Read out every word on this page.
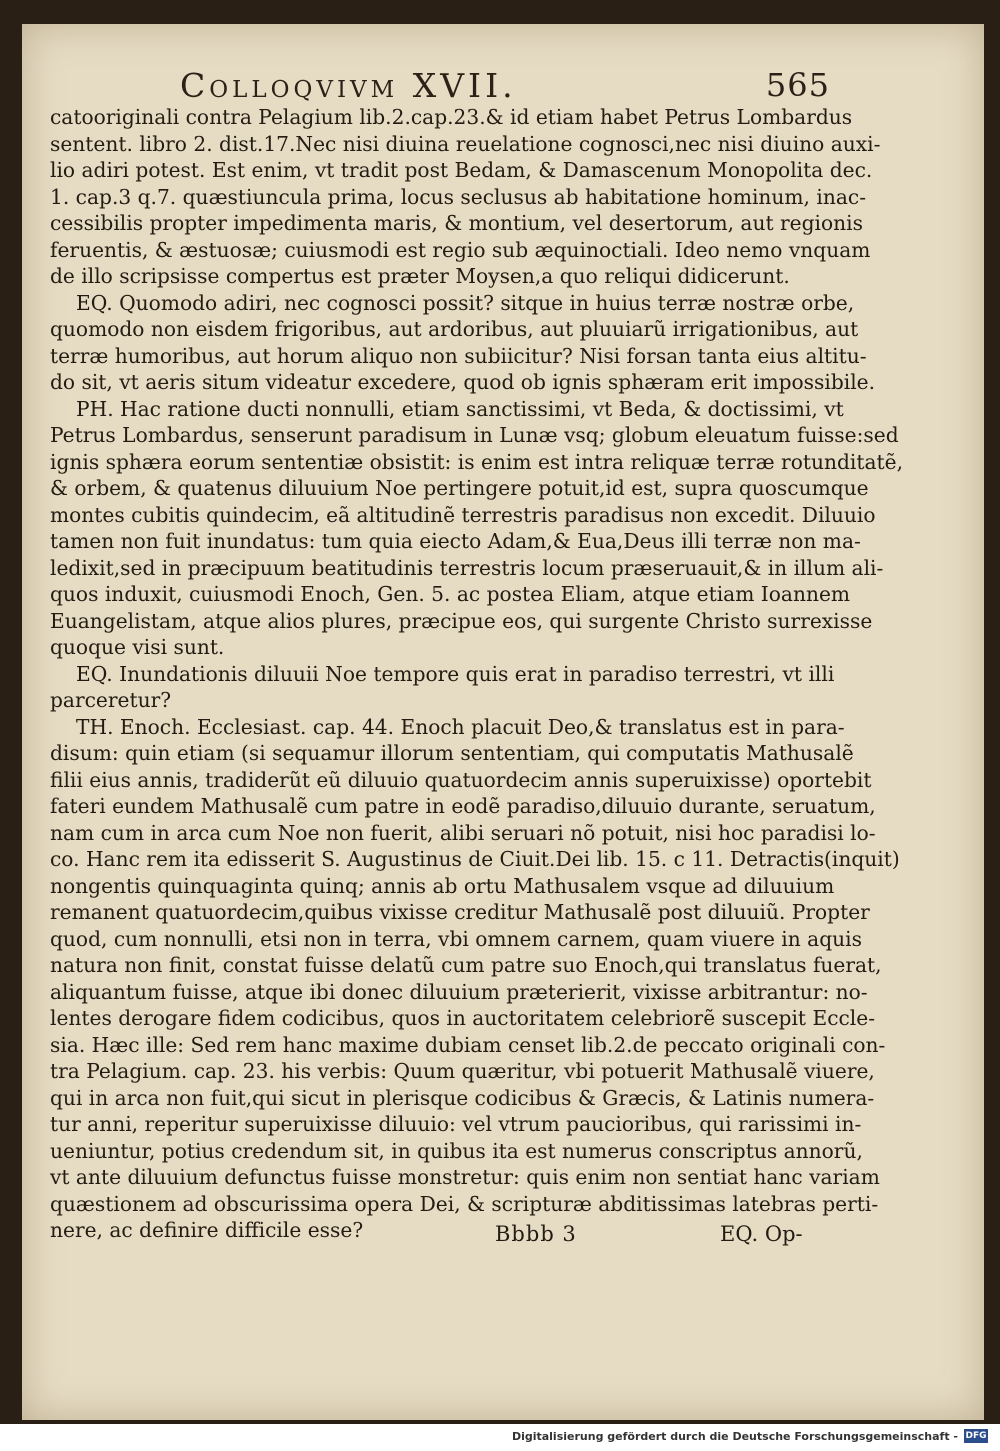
Colloqvivm XVII.	565
catooriginali contra Pelagium lib.2.cap.23.& id etiam habet Petrus Lombardus
sentent. libro 2. dist.17.Nec nisi diuina reuelatione cognosci,nec nisi diuino auxi-
lio adiri potest. Est enim, vt tradit post Bedam, & Damascenum Monopolita dec.
1. cap.3 q.7. quæstiuncula prima, locus seclusus ab habitatione hominum, inac-
cessibilis propter impedimenta maris, & montium, vel desertorum, aut regionis
feruentis, & æstuosæ; cuiusmodi est regio sub æquinoctiali. Ideo nemo vnquam
de illo scripsisse compertus est præter Moysen,a quo reliqui didicerunt.
EQ. Quomodo adiri, nec cognosci possit? sitque in huius terræ nostræ orbe,
quomodo non eisdem frigoribus, aut ardoribus, aut pluuiarũ irrigationibus, aut
terræ humoribus, aut horum aliquo non subiicitur? Nisi forsan tanta eius altitu-
do sit, vt aeris situm videatur excedere, quod ob ignis sphæram erit impossibile.
PH. Hac ratione ducti nonnulli, etiam sanctissimi, vt Beda, & doctissimi, vt
Petrus Lombardus, senserunt paradisum in Lunæ vsq; globum eleuatum fuisse:sed
ignis sphæra eorum sententiæ obsistit: is enim est intra reliquæ terræ rotunditatẽ,
& orbem, & quatenus diluuium Noe pertingere potuit,id est, supra quoscumque
montes cubitis quindecim, eã altitudinẽ terrestris paradisus non excedit. Diluuio
tamen non fuit inundatus: tum quia eiecto Adam,& Eua,Deus illi terræ non ma-
ledixit,sed in præcipuum beatitudinis terrestris locum præseruauit,& in illum ali-
quos induxit, cuiusmodi Enoch, Gen. 5. ac postea Eliam, atque etiam Ioannem
Euangelistam, atque alios plures, præcipue eos, qui surgente Christo surrexisse
quoque visi sunt.
EQ. Inundationis diluuii Noe tempore quis erat in paradiso terrestri, vt illi
parceretur?
TH. Enoch. Ecclesiast. cap. 44. Enoch placuit Deo,& translatus est in para-
disum: quin etiam (si sequamur illorum sententiam, qui computatis Mathusalẽ
filii eius annis, tradiderũt eũ diluuio quatuordecim annis superuixisse) oportebit
fateri eundem Mathusalẽ cum patre in eodẽ paradiso,diluuio durante, seruatum,
nam cum in arca cum Noe non fuerit, alibi seruari nõ potuit, nisi hoc paradisi lo-
co. Hanc rem ita edisserit S. Augustinus de Ciuit.Dei lib. 15. c 11. Detractis(inquit)
nongentis quinquaginta quinq; annis ab ortu Mathusalem vsque ad diluuium
remanent quatuordecim,quibus vixisse creditur Mathusalẽ post diluuiũ. Propter
quod, cum nonnulli, etsi non in terra, vbi omnem carnem, quam viuere in aquis
natura non finit, constat fuisse delatũ cum patre suo Enoch,qui translatus fuerat,
aliquantum fuisse, atque ibi donec diluuium præterierit, vixisse arbitrantur: no-
lentes derogare fidem codicibus, quos in auctoritatem celebriorẽ suscepit Eccle-
sia. Hæc ille: Sed rem hanc maxime dubiam censet lib.2.de peccato originali con-
tra Pelagium. cap. 23. his verbis: Quum quæritur, vbi potuerit Mathusalẽ viuere,
qui in arca non fuit,qui sicut in plerisque codicibus & Græcis, & Latinis numera-
tur anni, reperitur superuixisse diluuio: vel vtrum paucioribus, qui rarissimi in-
ueniuntur, potius credendum sit, in quibus ita est numerus conscriptus annorũ,
vt ante diluuium defunctus fuisse monstretur: quis enim non sentiat hanc variam
quæstionem ad obscurissima opera Dei, & scripturæ abditissimas latebras perti-
nere, ac definire difficile esse?	Bbbb 3	EQ. Op-
Digitalisierung gefördert durch die Deutsche Forschungsgemeinschaft - DFG
